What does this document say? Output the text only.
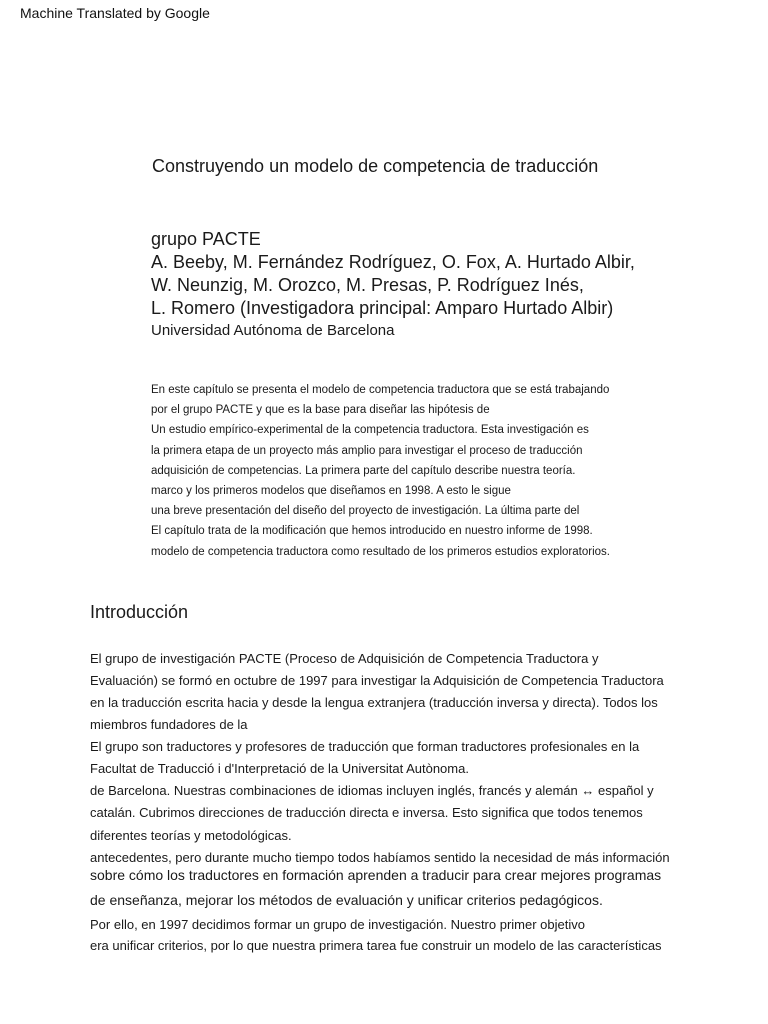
Machine Translated by Google
Construyendo un modelo de competencia de traducción
grupo PACTE
A. Beeby, M. Fernández Rodríguez, O. Fox, A. Hurtado Albir,
W. Neunzig, M. Orozco, M. Presas, P. Rodríguez Inés,
L. Romero (Investigadora principal: Amparo Hurtado Albir)
Universidad Autónoma de Barcelona
En este capítulo se presenta el modelo de competencia traductora que se está trabajando
por el grupo PACTE y que es la base para diseñar las hipótesis de
Un estudio empírico-experimental de la competencia traductora. Esta investigación es
la primera etapa de un proyecto más amplio para investigar el proceso de traducción
adquisición de competencias. La primera parte del capítulo describe nuestra teoría.
marco y los primeros modelos que diseñamos en 1998. A esto le sigue
una breve presentación del diseño del proyecto de investigación. La última parte del
El capítulo trata de la modificación que hemos introducido en nuestro informe de 1998.
modelo de competencia traductora como resultado de los primeros estudios exploratorios.
Introducción
El grupo de investigación PACTE (Proceso de Adquisición de Competencia Traductora y
Evaluación) se formó en octubre de 1997 para investigar la Adquisición de Competencia Traductora
en la traducción escrita hacia y desde la lengua extranjera (traducción inversa y directa). Todos los
miembros fundadores de la
El grupo son traductores y profesores de traducción que forman traductores profesionales en la
Facultat de Traducció i d'Interpretació de la Universitat Autònoma.
de Barcelona. Nuestras combinaciones de idiomas incluyen inglés, francés y alemán ↔ español y
catalán. Cubrimos direcciones de traducción directa e inversa. Esto significa que todos tenemos
diferentes teorías y metodológicas.
antecedentes, pero durante mucho tiempo todos habíamos sentido la necesidad de más información
sobre cómo los traductores en formación aprenden a traducir para crear mejores programas
de enseñanza, mejorar los métodos de evaluación y unificar criterios pedagógicos.
Por ello, en 1997 decidimos formar un grupo de investigación. Nuestro primer objetivo
era unificar criterios, por lo que nuestra primera tarea fue construir un modelo de las características
